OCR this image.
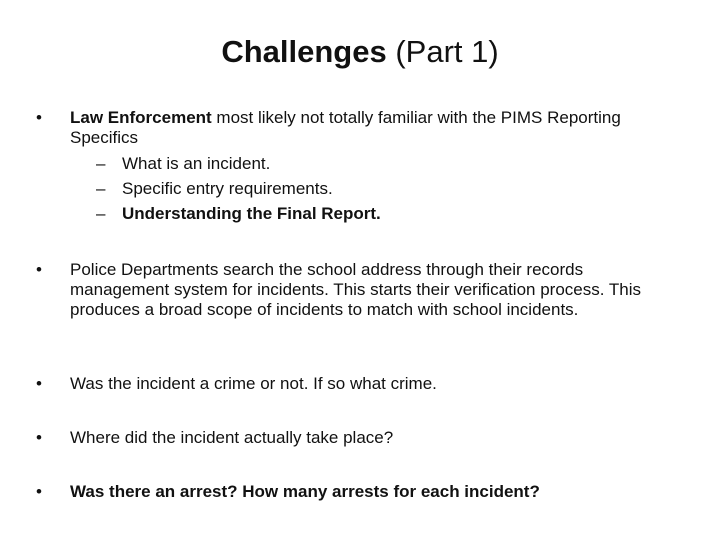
Challenges (Part 1)
•	Law Enforcement most likely not totally familiar with the PIMS Reporting Specifics
– What is an incident.
– Specific entry requirements.
– Understanding the Final Report.
•	Police Departments search the school address through their records management system for incidents. This starts their verification process. This produces a broad scope of incidents to match with school incidents.
•	Was the incident a crime or not. If so what crime.
•	Where did the incident actually take place?
•	Was there an arrest? How many arrests for each incident?
